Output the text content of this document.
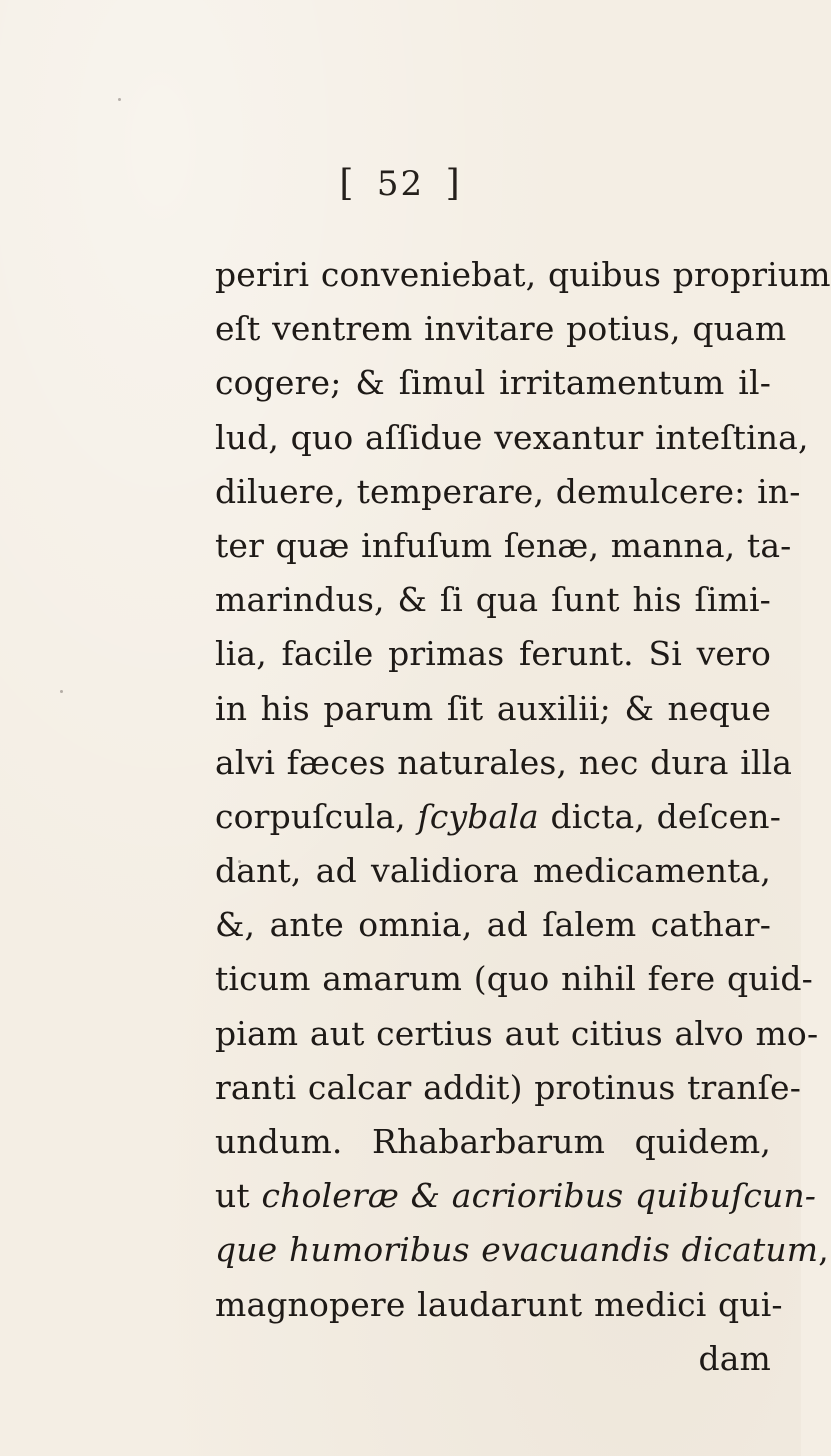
[ 52 ]
periri conveniebat, quibus proprium
eſt ventrem invitare potius, quam
cogere; & ſimul irritamentum il-
lud, quo aſſidue vexantur inteſtina,
diluere, temperare, demulcere: in-
ter quæ infuſum ſenæ, manna, ta-
marindus, & ſi qua ſunt his ſimi-
lia, facile primas ferunt. Si vero
in his parum ſit auxilii; & neque
alvi fæces naturales, nec dura illa
corpuſcula, ſcybala dicta, deſcen-
dant, ad validiora medicamenta,
&, ante omnia, ad ſalem cathar-
ticum amarum (quo nihil fere quid-
piam aut certius aut citius alvo mo-
ranti calcar addit) protinus tranſe-
undum. Rhabarbarum quidem,
ut choleræ & acrioribus quibuſcun-
que humoribus evacuandis dicatum,
magnopere laudarunt medici qui-
dam
